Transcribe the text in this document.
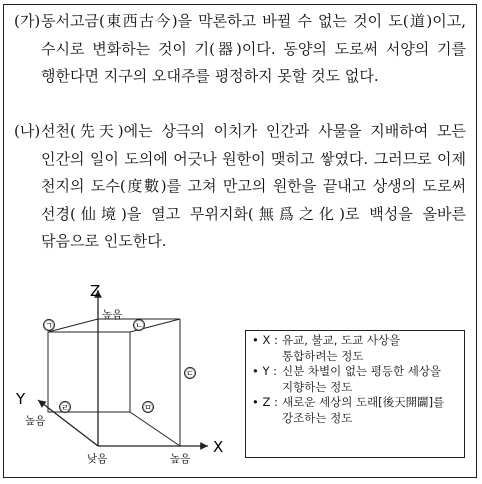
(가) 동서고금(東西古今)을 막론하고 바뀔 수 없는 것이 도(道)이고, 수시로 변화하는 것이 기(器)이다. 동양의 도로써 서양의 기를 행한다면 지구의 오대주를 평정하지 못할 것도 없다.
(나) 선천(先天)에는 상극의 이치가 인간과 사물을 지배하여 모든 인간의 일이 도의에 어긋나 원한이 맺히고 쌓였다. 그러므로 이제 천지의 도수(度數)를 고쳐 만고의 원한을 끝내고 상생의 도로써 선경(仙境)을 열고 무위지화(無爲之化)로 백성을 올바른 닦음으로 인도한다.
Z
Y
X
높음
높음
높음
낮음
㉠	㉡
㉢
㉣	㉤

• X : 유교, 불교, 도교 사상을 통합하려는 정도

• Y : 신분 차별이 없는 평등한 세상을 지향하는 정도

• Z : 새로운 세상의 도래[後天開闢]를 강조하는 정도
